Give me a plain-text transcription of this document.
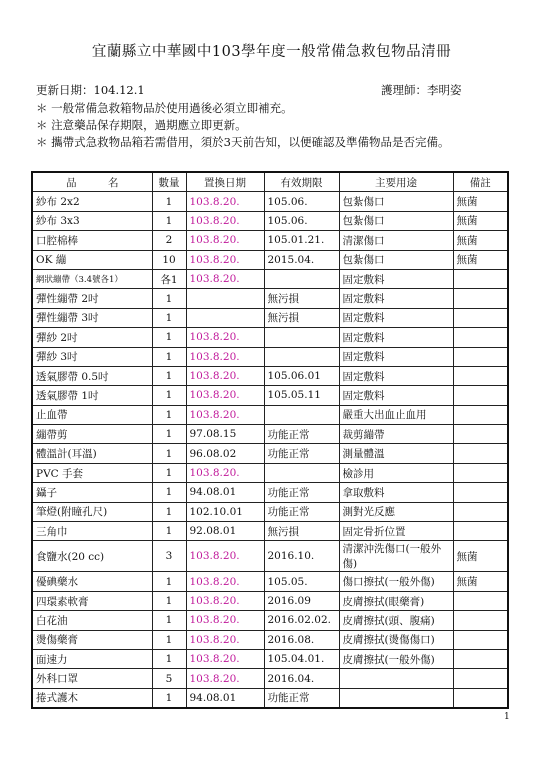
宜蘭縣立中華國中103學年度一般常備急救包物品清冊
更新日期：104.12.1	護理師：李明姿
＊ 一般常備急救箱物品於使用過後必須立即補充。
＊ 注意藥品保存期限，過期應立即更新。
＊ 攜帶式急救物品箱若需借用，須於3天前告知，以便確認及準備物品是否完備。
品　　　名	數量	置換日期	有效期限	主要用途	備註
紗布 2x2	1	103.8.20.	105.06.	包紮傷口	無菌
紗布 3x3	1	103.8.20.	105.06.	包紮傷口	無菌
口腔棉棒	2	103.8.20.	105.01.21.	清潔傷口	無菌
OK 繃	10	103.8.20.	2015.04.	包紮傷口	無菌
網狀繃帶（3.4號各1）	各1	103.8.20.		固定敷料	
彈性繃帶 2吋	1		無污損	固定敷料	
彈性繃帶 3吋	1		無污損	固定敷料	
彈紗 2吋	1	103.8.20.		固定敷料	
彈紗 3吋	1	103.8.20.		固定敷料	
透氣膠帶 0.5吋	1	103.8.20.	105.06.01	固定敷料	
透氣膠帶 1吋	1	103.8.20.	105.05.11	固定敷料	
止血帶	1	103.8.20.		嚴重大出血止血用	
繃帶剪	1	97.08.15	功能正常	裁剪繃帶	
體溫計(耳溫)	1	96.08.02	功能正常	測量體溫	
PVC 手套	1	103.8.20.		檢診用	
鑷子	1	94.08.01	功能正常	拿取敷料	
筆燈(附瞳孔尺)	1	102.10.01	功能正常	測對光反應	
三角巾	1	92.08.01	無污損	固定骨折位置	
食鹽水(20 cc)	3	103.8.20.	2016.10.	清潔沖洗傷口(一般外傷)	無菌
優碘藥水	1	103.8.20.	105.05.	傷口擦拭(一般外傷)	無菌
四環素軟膏	1	103.8.20.	2016.09	皮膚擦拭(眼藥膏)	
白花油	1	103.8.20.	2016.02.02.	皮膚擦拭(頭、腹痛)	
燙傷藥膏	1	103.8.20.	2016.08.	皮膚擦拭(燙傷傷口)	
面速力	1	103.8.20.	105.04.01.	皮膚擦拭(一般外傷)	
外科口罩	5	103.8.20.	2016.04.		
捲式護木	1	94.08.01	功能正常		
1
